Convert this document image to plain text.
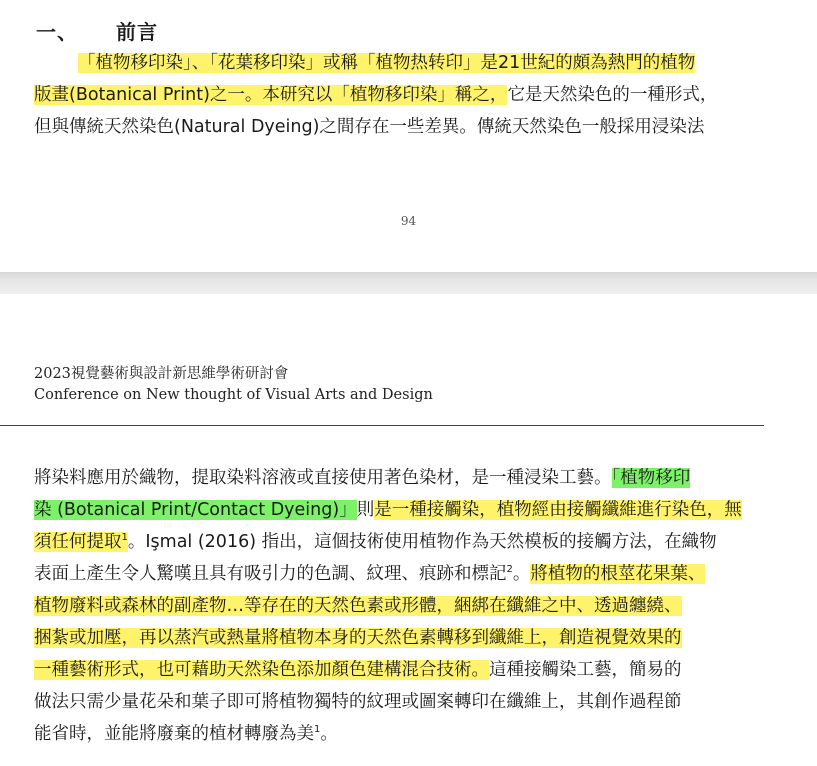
一、 前言
「植物移印染」、「花葉移印染」或稱「植物热转印」是21世紀的頗為熱門的植物
版畫(Botanical Print)之一。本研究以「植物移印染」稱之，它是天然染色的一種形式，
但與傳統天然染色(Natural Dyeing)之間存在一些差異。傳統天然染色一般採用浸染法
94
2023視覺藝術與設計新思維學術研討會
Conference on New thought of Visual Arts and Design
將染料應用於織物，提取染料溶液或直接使用著色染材，是一種浸染工藝。「植物移印
染 (Botanical Print/Contact Dyeing)」則是一種接觸染，植物經由接觸纖維進行染色，無
須任何提取$^1$。Işmal (2016) 指出，這個技術使用植物作為天然模板的接觸方法，在織物
表面上產生令人驚嘆且具有吸引力的色調、紋理、痕跡和標記$^2$。將植物的根莖花果葉、
植物廢料或森林的副產物…等存在的天然色素或形體，綑綁在纖維之中、透過纏繞、
捆紮或加壓，再以蒸汽或熱量將植物本身的天然色素轉移到纖維上，創造視覺效果的
一種藝術形式，也可藉助天然染色添加顏色建構混合技術。這種接觸染工藝，簡易的
做法只需少量花朵和葉子即可將植物獨特的紋理或圖案轉印在纖維上，其創作過程節
能省時，並能將廢棄的植材轉廢為美$^1$。
